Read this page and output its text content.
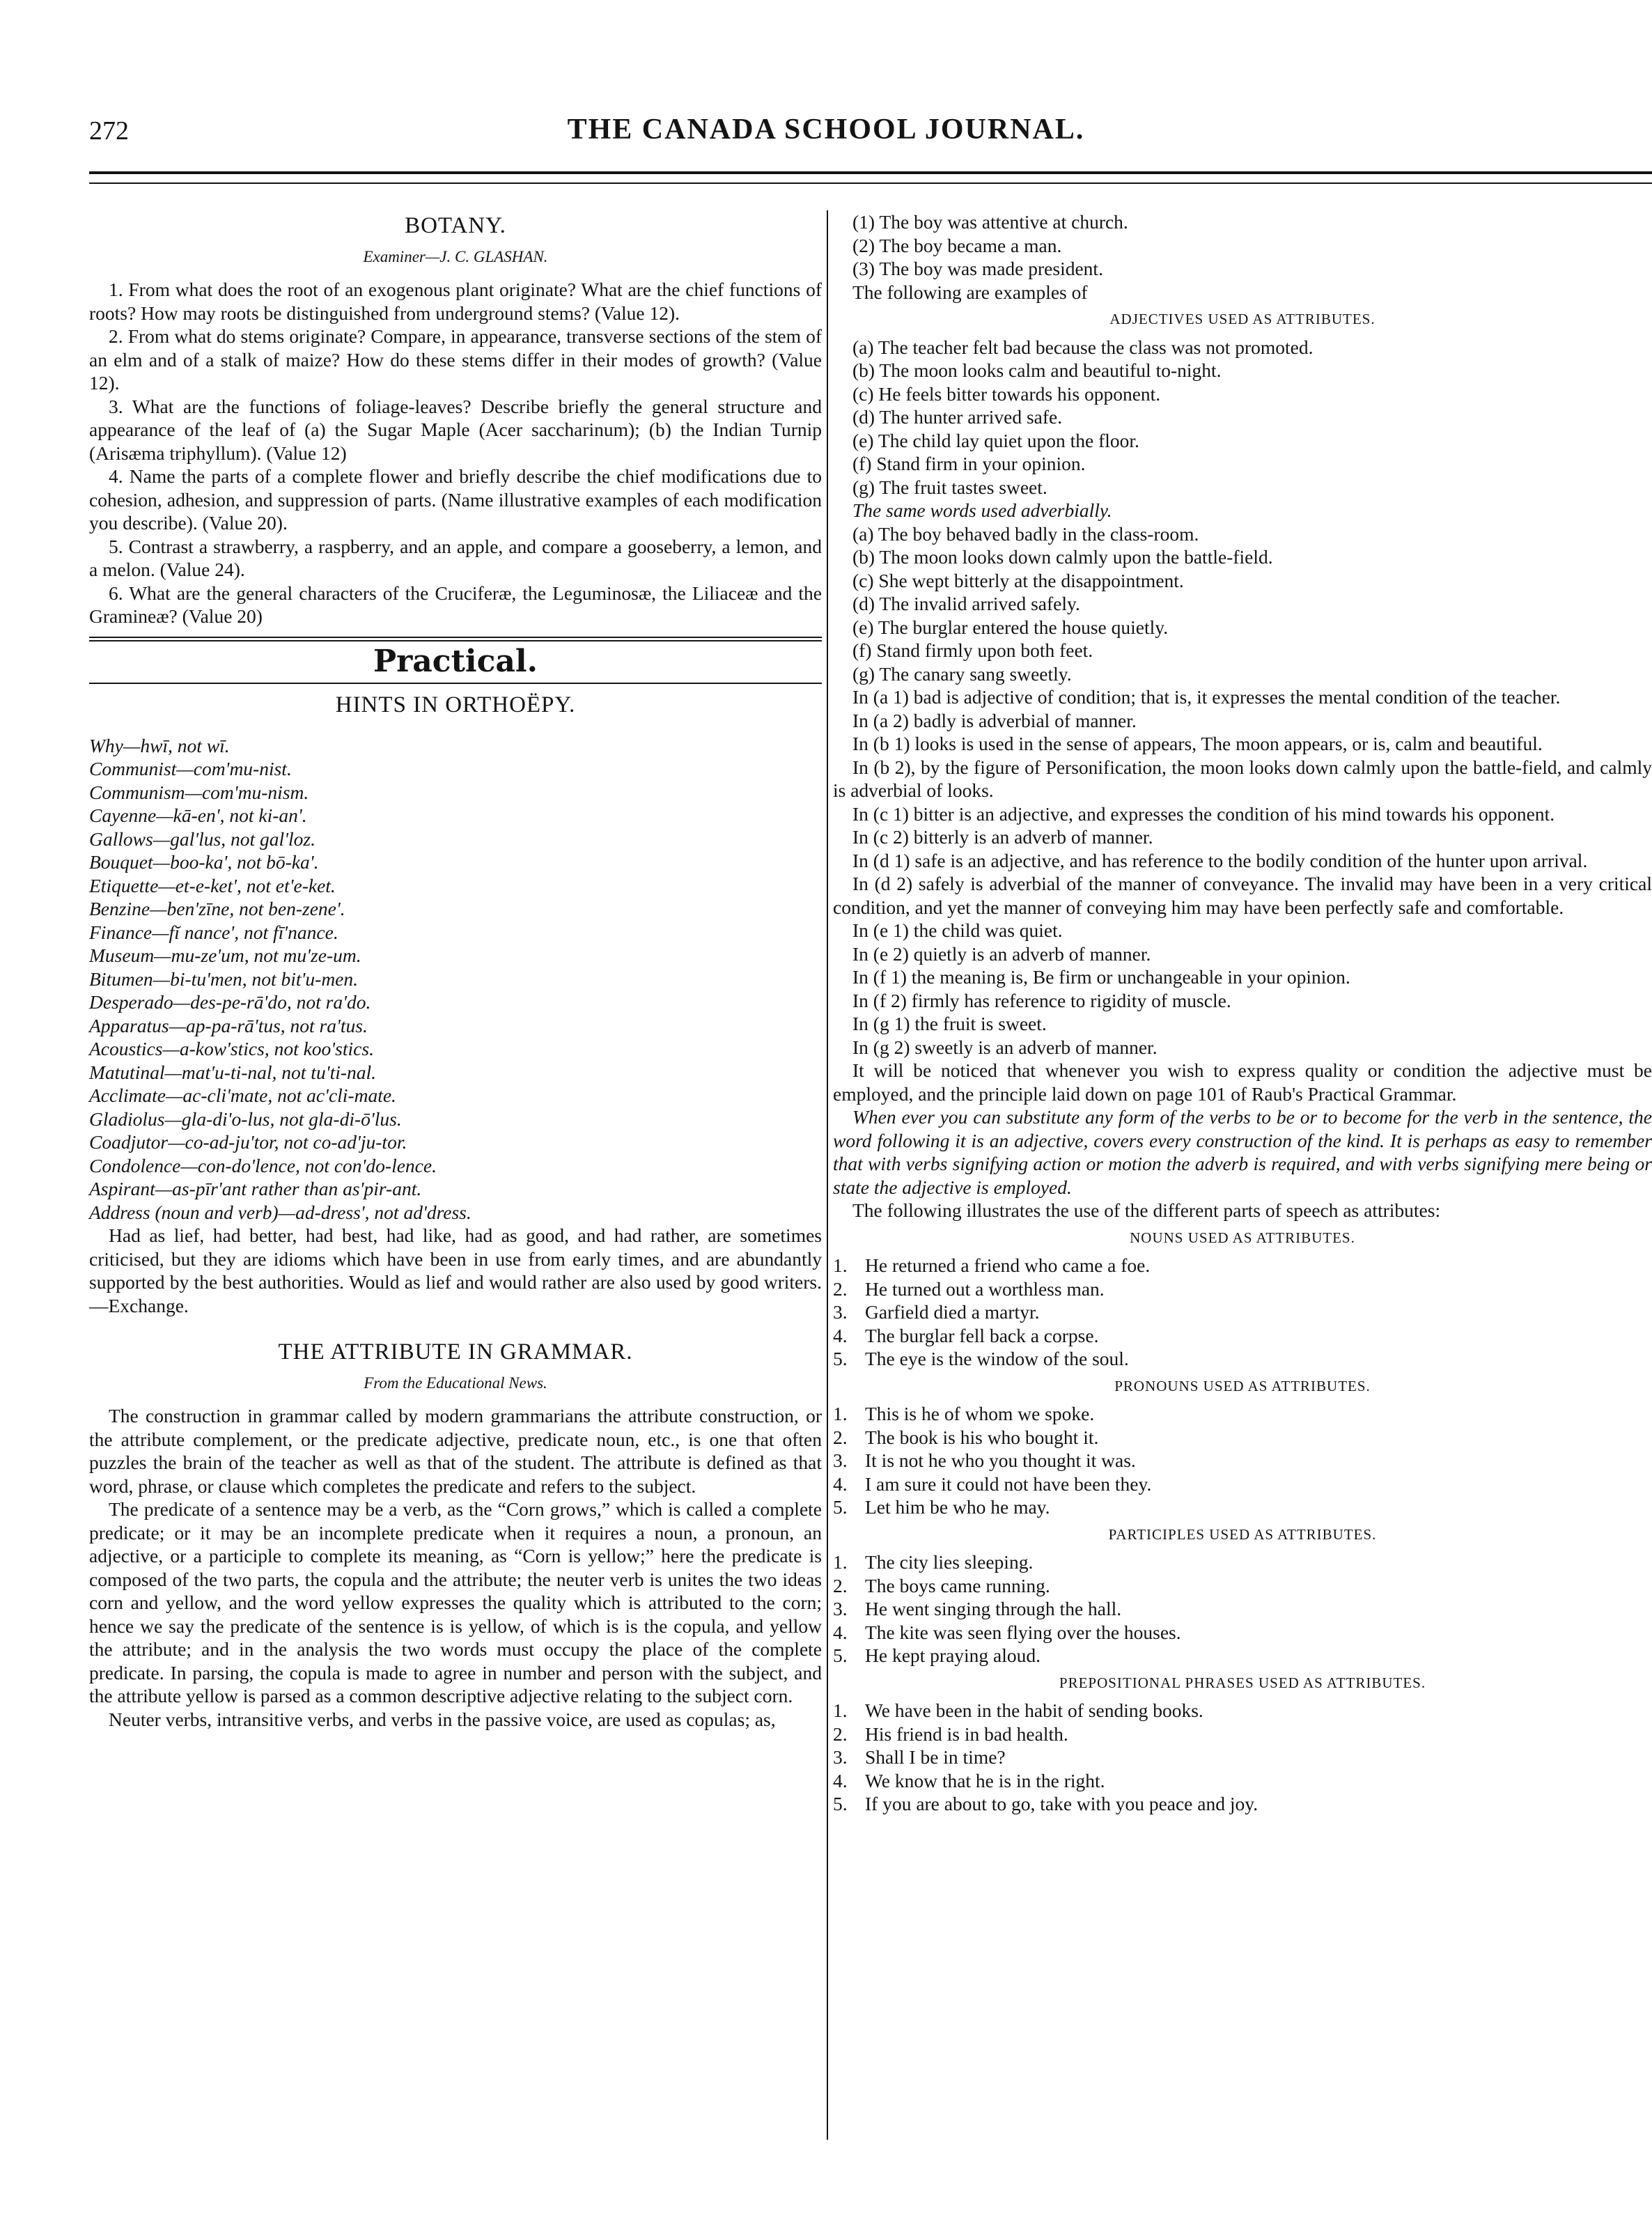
272	THE CANADA SCHOOL JOURNAL.
BOTANY.
Examiner—J. C. GLASHAN.

1. From what does the root of an exogenous plant originate? What are the chief functions of roots? How may roots be distinguished from underground stems? (Value 12).

2. From what do stems originate? Compare, in appearance, transverse sections of the stem of an elm and of a stalk of maize? How do these stems differ in their modes of growth? (Value 12).

3. What are the functions of foliage-leaves? Describe briefly the general structure and appearance of the leaf of (a) the Sugar Maple (Acer saccharinum); (b) the Indian Turnip (Arisæma triphyllum). (Value 12)

4. Name the parts of a complete flower and briefly describe the chief modifications due to cohesion, adhesion, and suppression of parts. (Name illustrative examples of each modification you describe). (Value 20).

5. Contrast a strawberry, a raspberry, and an apple, and compare a gooseberry, a lemon, and a melon. (Value 24).

6. What are the general characters of the Cruciferæ, the Leguminosæ, the Liliaceæ and the Gramineæ? (Value 20)

Practical.
HINTS IN ORTHOËPY.
Why—hwī, not wī.
Communist—com'mu-nist.
Communism—com'mu-nism.
Cayenne—kā-en', not ki-an'.
Gallows—gal'lus, not gal'loz.
Bouquet—boo-ka', not bō-ka'.
Etiquette—et-e-ket', not et'e-ket.
Benzine—ben'zīne, not ben-zene'.
Finance—fĭ nance', not fī'nance.
Museum—mu-ze'um, not mu'ze-um.
Bitumen—bi-tu'men, not bit'u-men.
Desperado—des-pe-rā'do, not ra'do.
Apparatus—ap-pa-rā'tus, not ra'tus.
Acoustics—a-kow'stics, not koo'stics.
Matutinal—mat'u-ti-nal, not tu'ti-nal.
Acclimate—ac-cli'mate, not ac'cli-mate.
Gladiolus—gla-di'o-lus, not gla-di-ō'lus.
Coadjutor—co-ad-ju'tor, not co-ad'ju-tor.
Condolence—con-do'lence, not con'do-lence.
Aspirant—as-pīr'ant rather than as'pir-ant.
Address (noun and verb)—ad-dress', not ad'dress.

Had as lief, had better, had best, had like, had as good, and had rather, are sometimes criticised, but they are idioms which have been in use from early times, and are abundantly supported by the best authorities. Would as lief and would rather are also used by good writers.—Exchange.

THE ATTRIBUTE IN GRAMMAR.
From the Educational News.

The construction in grammar called by modern grammarians the attribute construction, or the attribute complement, or the predicate adjective, predicate noun, etc., is one that often puzzles the brain of the teacher as well as that of the student. The attribute is defined as that word, phrase, or clause which completes the predicate and refers to the subject.

The predicate of a sentence may be a verb, as the “Corn grows,” which is called a complete predicate; or it may be an incomplete predicate when it requires a noun, a pronoun, an adjective, or a participle to complete its meaning, as “Corn is yellow;” here the predicate is composed of the two parts, the copula and the attribute; the neuter verb is unites the two ideas corn and yellow, and the word yellow expresses the quality which is attributed to the corn; hence we say the predicate of the sentence is is yellow, of which is is the copula, and yellow the attribute; and in the analysis the two words must occupy the place of the complete predicate. In parsing, the copula is made to agree in number and person with the subject, and the attribute yellow is parsed as a common descriptive adjective relating to the subject corn.

Neuter verbs, intransitive verbs, and verbs in the passive voice, are used as copulas; as,

(1) The boy was attentive at church.
(2) The boy became a man.
(3) The boy was made president.

The following are examples of

ADJECTIVES USED AS ATTRIBUTES.
(a) The teacher felt bad because the class was not promoted.
(b) The moon looks calm and beautiful to-night.
(c) He feels bitter towards his opponent.
(d) The hunter arrived safe.
(e) The child lay quiet upon the floor.
(f) Stand firm in your opinion.
(g) The fruit tastes sweet.
The same words used adverbially.
(a) The boy behaved badly in the class-room.
(b) The moon looks down calmly upon the battle-field.
(c) She wept bitterly at the disappointment.
(d) The invalid arrived safely.
(e) The burglar entered the house quietly.
(f) Stand firmly upon both feet.
(g) The canary sang sweetly.

In (a 1) bad is adjective of condition; that is, it expresses the mental condition of the teacher.

In (a 2) badly is adverbial of manner.

In (b 1) looks is used in the sense of appears, The moon appears, or is, calm and beautiful.

In (b 2), by the figure of Personification, the moon looks down calmly upon the battle-field, and calmly is adverbial of looks.

In (c 1) bitter is an adjective, and expresses the condition of his mind towards his opponent.

In (c 2) bitterly is an adverb of manner.

In (d 1) safe is an adjective, and has reference to the bodily condition of the hunter upon arrival.

In (d 2) safely is adverbial of the manner of conveyance. The invalid may have been in a very critical condition, and yet the manner of conveying him may have been perfectly safe and comfortable.

In (e 1) the child was quiet.

In (e 2) quietly is an adverb of manner.

In (f 1) the meaning is, Be firm or unchangeable in your opinion.

In (f 2) firmly has reference to rigidity of muscle.

In (g 1) the fruit is sweet.

In (g 2) sweetly is an adverb of manner.

It will be noticed that whenever you wish to express quality or condition the adjective must be employed, and the principle laid down on page 101 of Raub's Practical Grammar.

When ever you can substitute any form of the verbs to be or to become for the verb in the sentence, the word following it is an adjective, covers every construction of the kind. It is perhaps as easy to remember that with verbs signifying action or motion the adverb is required, and with verbs signifying mere being or state the adjective is employed.

The following illustrates the use of the different parts of speech as attributes:

NOUNS USED AS ATTRIBUTES.
1. He returned a friend who came a foe.
2. He turned out a worthless man.
3. Garfield died a martyr.
4. The burglar fell back a corpse.
5. The eye is the window of the soul.
PRONOUNS USED AS ATTRIBUTES.
1. This is he of whom we spoke.
2. The book is his who bought it.
3. It is not he who you thought it was.
4. I am sure it could not have been they.
5. Let him be who he may.
PARTICIPLES USED AS ATTRIBUTES.
1. The city lies sleeping.
2. The boys came running.
3. He went singing through the hall.
4. The kite was seen flying over the houses.
5. He kept praying aloud.
PREPOSITIONAL PHRASES USED AS ATTRIBUTES.
1. We have been in the habit of sending books.
2. His friend is in bad health.
3. Shall I be in time?
4. We know that he is in the right.
5. If you are about to go, take with you peace and joy.
